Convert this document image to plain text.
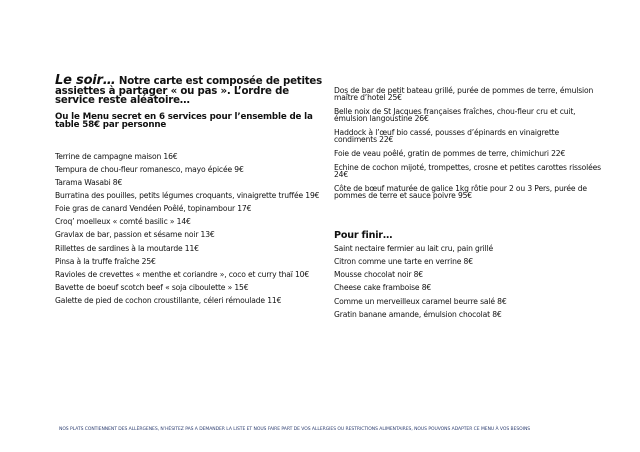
Le soir… Notre carte est composée de petites assiettes à partager « ou pas ». L’ordre de service reste aléatoire…
Ou le Menu secret en 6 services pour l’ensemble de la table 58€ par personne
Terrine de campagne maison 16€
Tempura de chou-fleur romanesco, mayo épicée 9€
Tarama Wasabi 8€
Burratina des pouilles, petits légumes croquants, vinaigrette truffée 19€
Foie gras de canard Vendéen Poêlé, topinambour 17€
Croq’ moelleux « comté basilic » 14€
Gravlax de bar, passion et sésame noir 13€
Rillettes de sardines à la moutarde 11€
Pinsa à la truffe fraîche 25€
Ravioles de crevettes « menthe et coriandre », coco et curry thaï 10€
Bavette de boeuf scotch beef « soja ciboulette » 15€
Galette de pied de cochon croustillante, céleri rémoulade 11€
Dos de bar de petit bateau grillé, purée de pommes de terre, émulsion maître d’hotel 25€
Belle noix de St Jacques françaises fraîches, chou-fleur cru et cuit, émulsion langoustine 26€
Haddock à l’œuf bio cassé, pousses d’épinards en vinaigrette condiments 22€
Foie de veau poêlé, gratin de pommes de terre, chimichuri 22€
Echine de cochon mijoté, trompettes, crosne et petites carottes rissolées 24€
Côte de bœuf maturée de galice 1kg rôtie pour 2 ou 3 Pers, purée de pommes de terre et sauce poivre 95€
Pour finir…
Saint nectaire fermier au lait cru, pain grillé
Citron comme une tarte en verrine 8€
Mousse chocolat noir 8€
Cheese cake framboise 8€
Comme un merveilleux caramel beurre salé 8€
Gratin banane amande, émulsion chocolat 8€
NOS PLATS CONTIENNENT DES ALLÈRGENES, N’HÉSITEZ PAS A DEMANDER LA LISTE ET NOUS FAIRE PART DE VOS ALLERGIES OU RESTRICTIONS ALIMENTAIRES, NOUS POUVONS ADAPTER CE MENU À VOS BESOINS
